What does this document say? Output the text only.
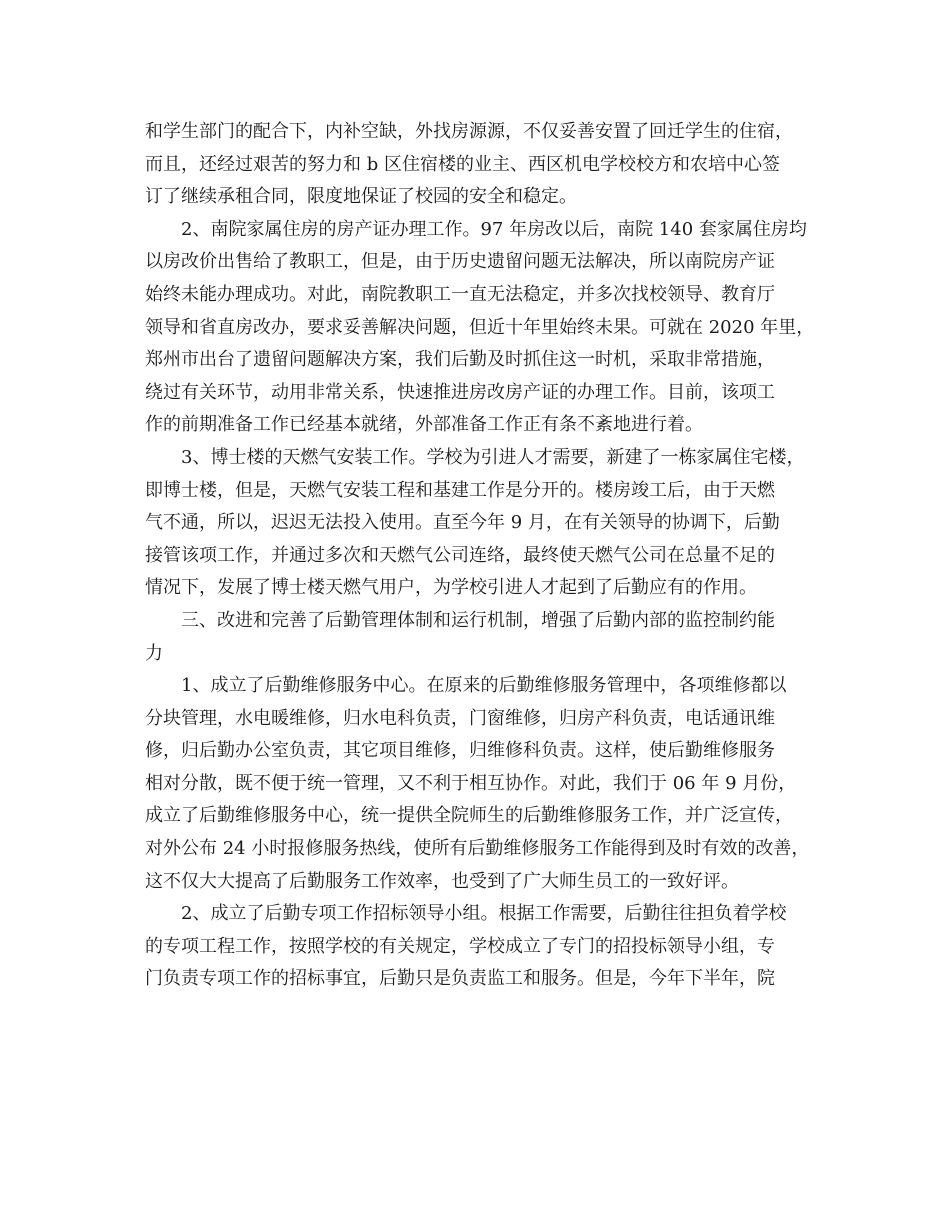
和学生部门的配合下，内补空缺，外找房源源，不仅妥善安置了回迁学生的住宿，
而且，还经过艰苦的努力和 b 区住宿楼的业主、西区机电学校校方和农培中心签
订了继续承租合同，限度地保证了校园的安全和稳定。
2、南院家属住房的房产证办理工作。97 年房改以后，南院 140 套家属住房均
以房改价出售给了教职工，但是，由于历史遗留问题无法解决，所以南院房产证
始终未能办理成功。对此，南院教职工一直无法稳定，并多次找校领导、教育厅
领导和省直房改办，要求妥善解决问题，但近十年里始终未果。可就在 2020 年里，
郑州市出台了遗留问题解决方案，我们后勤及时抓住这一时机，采取非常措施，
绕过有关环节，动用非常关系，快速推进房改房产证的办理工作。目前，该项工
作的前期准备工作已经基本就绪，外部准备工作正有条不紊地进行着。
3、博士楼的天燃气安装工作。学校为引进人才需要，新建了一栋家属住宅楼，
即博士楼，但是，天燃气安装工程和基建工作是分开的。楼房竣工后，由于天燃
气不通，所以，迟迟无法投入使用。直至今年 9 月，在有关领导的协调下，后勤
接管该项工作，并通过多次和天燃气公司连络，最终使天燃气公司在总量不足的
情况下，发展了博士楼天燃气用户，为学校引进人才起到了后勤应有的作用。
三、改进和完善了后勤管理体制和运行机制，增强了后勤内部的监控制约能
力
1、成立了后勤维修服务中心。在原来的后勤维修服务管理中，各项维修都以
分块管理，水电暖维修，归水电科负责，门窗维修，归房产科负责，电话通讯维
修，归后勤办公室负责，其它项目维修，归维修科负责。这样，使后勤维修服务
相对分散，既不便于统一管理，又不利于相互协作。对此，我们于 06 年 9 月份，
成立了后勤维修服务中心，统一提供全院师生的后勤维修服务工作，并广泛宣传，
对外公布 24 小时报修服务热线，使所有后勤维修服务工作能得到及时有效的改善，
这不仅大大提高了后勤服务工作效率，也受到了广大师生员工的一致好评。
2、成立了后勤专项工作招标领导小组。根据工作需要，后勤往往担负着学校
的专项工程工作，按照学校的有关规定，学校成立了专门的招投标领导小组，专
门负责专项工作的招标事宜，后勤只是负责监工和服务。但是，今年下半年，院
